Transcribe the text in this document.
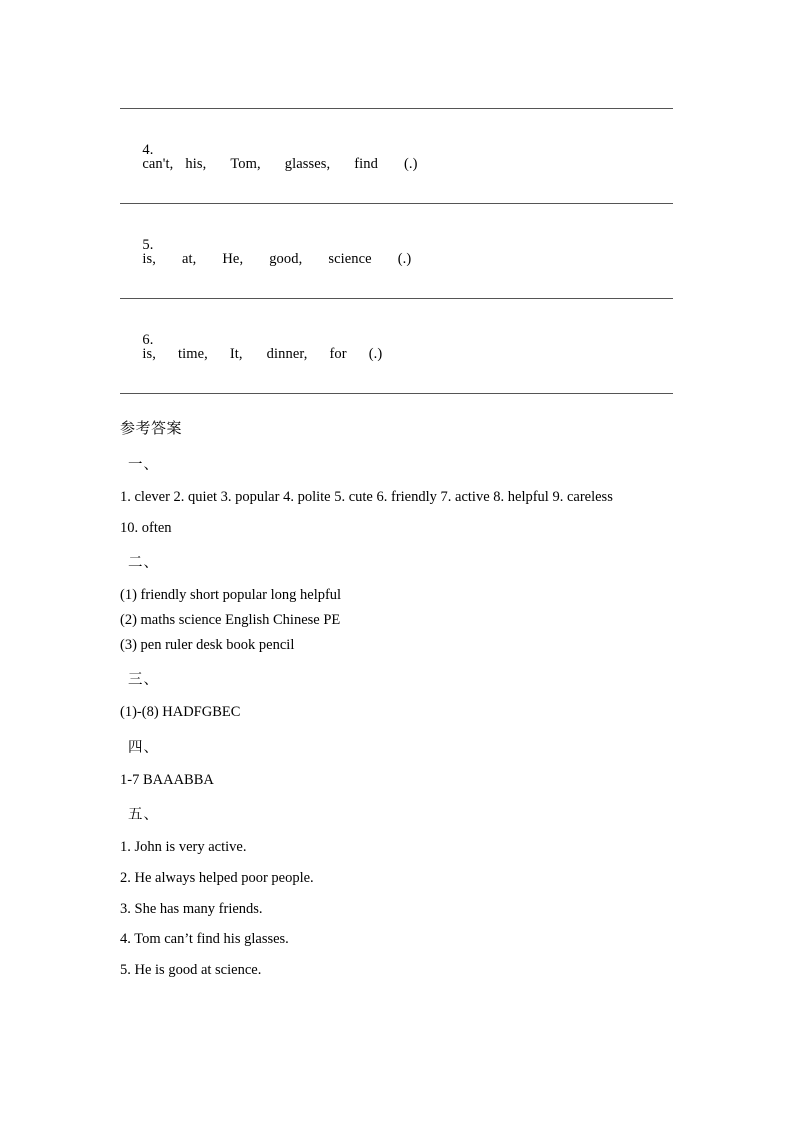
4.
can't, his, Tom, glasses, find (.)

5.
is, at, He, good, science (.)

6.
is, time, It, dinner, for (.)

参考答案
一、
1. clever 2. quiet 3. popular 4. polite 5. cute 6. friendly 7. active 8. helpful 9. careless
10. often
二、
(1) friendly short popular long helpful
(2) maths science English Chinese PE
(3) pen ruler desk book pencil
三、
(1)-(8) HADFGBEC
四、
1-7 BAAABBA
五、
1. John is very active.
2. He always helped poor people.
3. She has many friends.
4. Tom can’t find his glasses.
5. He is good at science.
